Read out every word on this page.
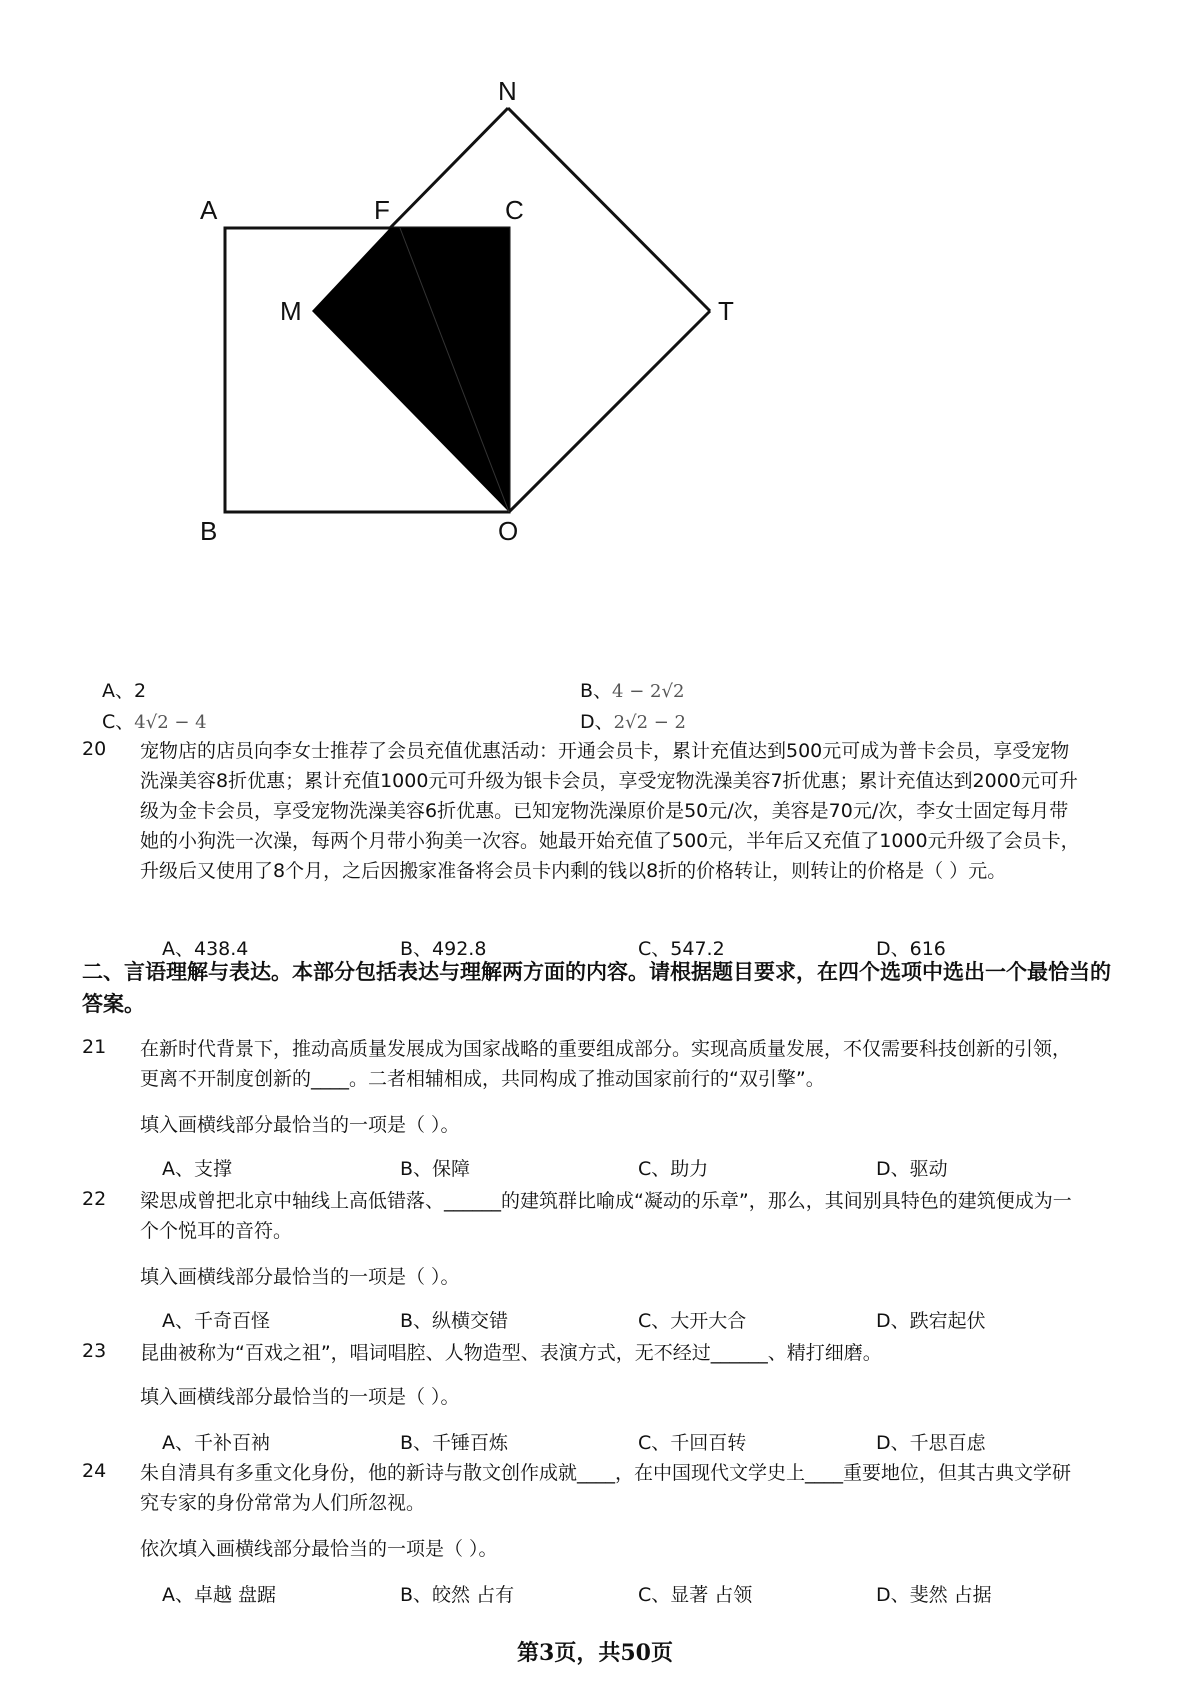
N
A	F	C
M	T
B	O
A、2	B、4 − 2√2
C、4√2 − 4	D、2√2 − 2
20 宠物店的店员向李女士推荐了会员充值优惠活动：开通会员卡，累计充值达到500元可成为普卡会员，享受宠物洗澡美容8折优惠；累计充值1000元可升级为银卡会员，享受宠物洗澡美容7折优惠；累计充值达到2000元可升级为金卡会员，享受宠物洗澡美容6折优惠。已知宠物洗澡原价是50元/次，美容是70元/次，李女士固定每月带她的小狗洗一次澡，每两个月带小狗美一次容。她最开始充值了500元，半年后又充值了1000元升级了会员卡，升级后又使用了8个月，之后因搬家准备将会员卡内剩的钱以8折的价格转让，则转让的价格是（ ）元。
A、438.4	B、492.8	C、547.2	D、616
二、言语理解与表达。本部分包括表达与理解两方面的内容。请根据题目要求，在四个选项中选出一个最恰当的答案。
21 在新时代背景下，推动高质量发展成为国家战略的重要组成部分。实现高质量发展，不仅需要科技创新的引领，更离不开制度创新的____。二者相辅相成，共同构成了推动国家前行的“双引擎”。
填入画横线部分最恰当的一项是（ ）。
A、支撑	B、保障	C、助力	D、驱动
22 梁思成曾把北京中轴线上高低错落、______的建筑群比喻成“凝动的乐章”，那么，其间别具特色的建筑便成为一个个悦耳的音符。
填入画横线部分最恰当的一项是（ ）。
A、千奇百怪	B、纵横交错	C、大开大合	D、跌宕起伏
23 昆曲被称为“百戏之祖”，唱词唱腔、人物造型、表演方式，无不经过______、精打细磨。
填入画横线部分最恰当的一项是（ ）。
A、千补百衲	B、千锤百炼	C、千回百转	D、千思百虑
24 朱自清具有多重文化身份，他的新诗与散文创作成就____，在中国现代文学史上____重要地位，但其古典文学研究专家的身份常常为人们所忽视。
依次填入画横线部分最恰当的一项是（ ）。
A、卓越 盘踞	B、皎然 占有	C、显著 占领	D、斐然 占据
第3页，共50页
